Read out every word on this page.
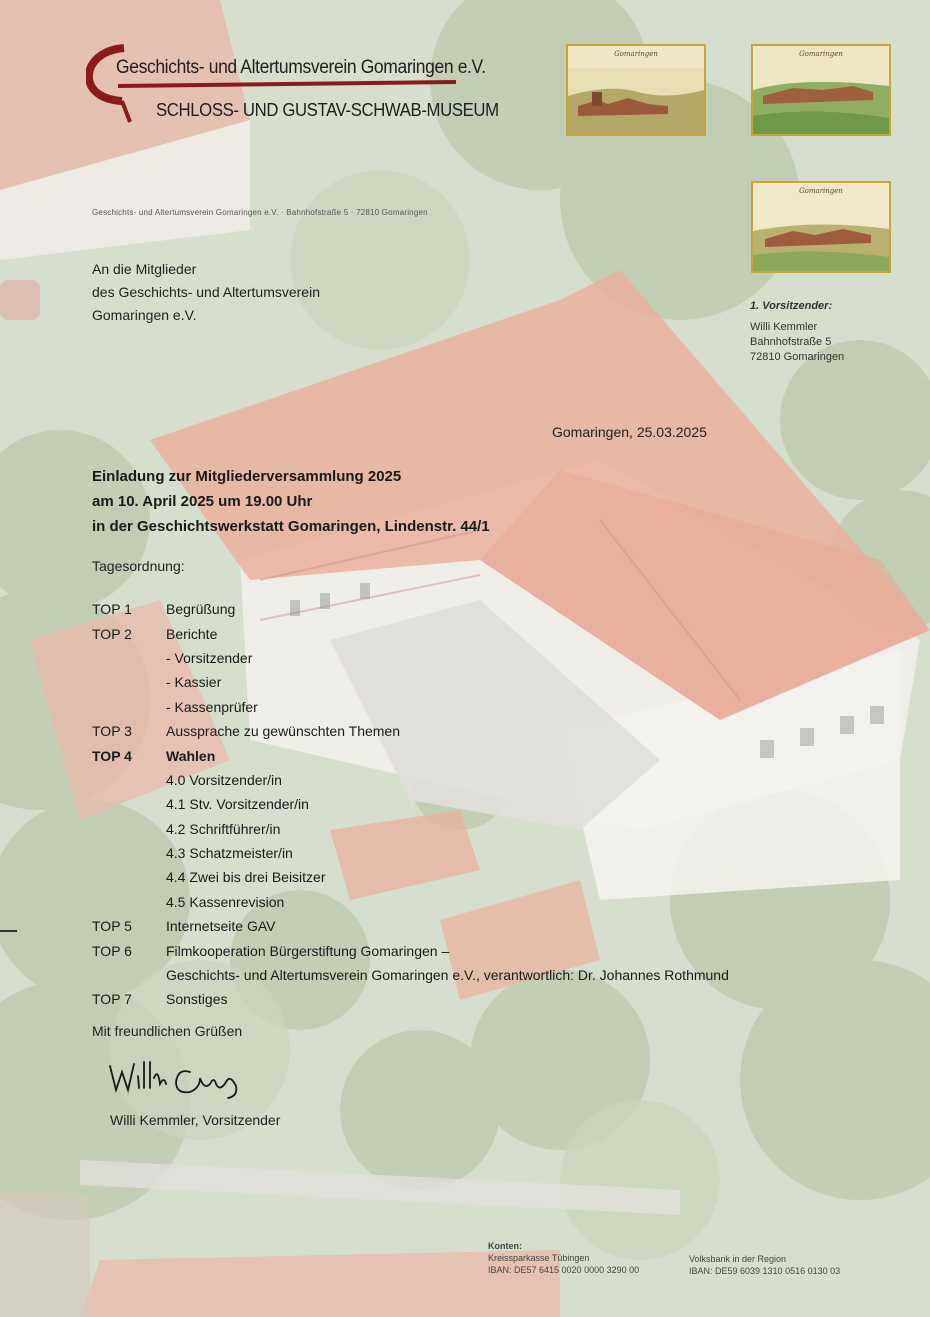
Geschichts- und Altertumsverein Gomaringen e.V.
SCHLOSS- UND GUSTAV-SCHWAB-MUSEUM
Geschichts- und Altertumsverein Gomaringen e.V. · Bahnhofstraße 5 · 72810 Gomaringen
An die Mitglieder
des Geschichts- und Altertumsverein
Gomaringen e.V.
Gomaringen	Gomaringen
Gomaringen
1. Vorsitzender:
Willi Kemmler
Bahnhofstraße 5
72810 Gomaringen
Gomaringen, 25.03.2025
Einladung zur Mitgliederversammlung 2025
am 10. April 2025 um 19.00 Uhr
in der Geschichtswerkstatt Gomaringen, Lindenstr. 44/1
Tagesordnung:
TOP 1	Begrüßung
TOP 2	Berichte
- Vorsitzender
- Kassier
- Kassenprüfer
TOP 3	Aussprache zu gewünschten Themen
TOP 4	Wahlen
4.0 Vorsitzender/in
4.1 Stv. Vorsitzender/in
4.2 Schriftführer/in
4.3 Schatzmeister/in
4.4 Zwei bis drei Beisitzer
4.5 Kassenrevision
TOP 5	Internetseite GAV
TOP 6	Filmkooperation Bürgerstiftung Gomaringen –
Geschichts- und Altertumsverein Gomaringen e.V., verantwortlich: Dr. Johannes Rothmund
TOP 7	Sonstiges
Mit freundlichen Grüßen
Willi Kemmler, Vorsitzender
Konten:
Kreissparkasse Tübingen
IBAN: DE57 6415 0020 0000 3290 00
Volksbank in der Region
IBAN: DE59 6039 1310 0516 0130 03
